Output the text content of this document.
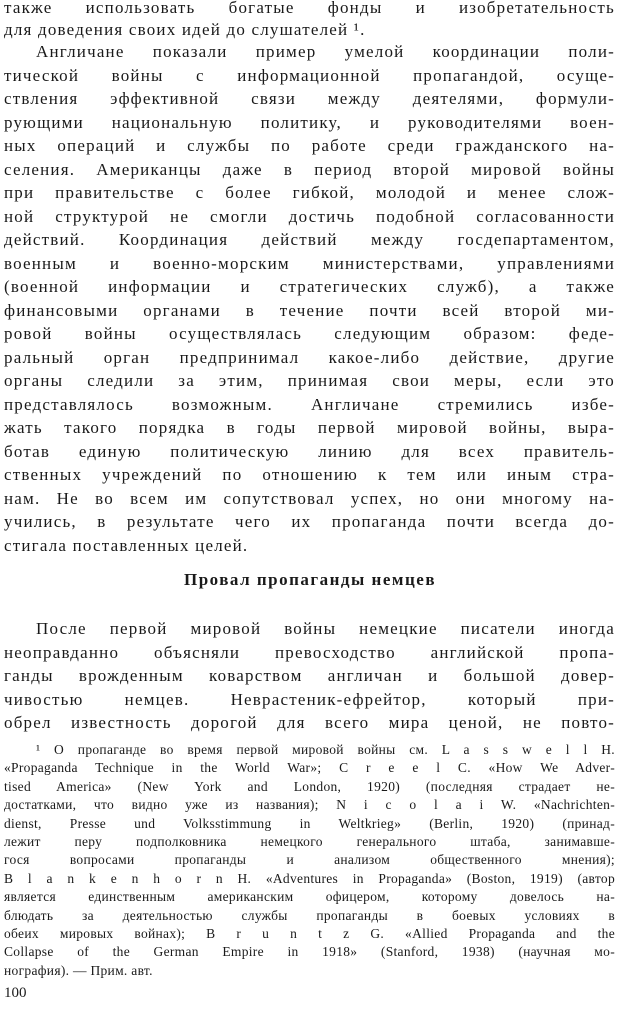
также использовать богатые фонды и изобретательность
для доведения своих идей до слушателей ¹.
Англичане показали пример умелой координации поли-
тической войны с информационной пропагандой, осуще-
ствления эффективной связи между деятелями, формули-
рующими национальную политику, и руководителями воен-
ных операций и службы по работе среди гражданского на-
селения. Американцы даже в период второй мировой войны
при правительстве с более гибкой, молодой и менее слож-
ной структурой не смогли достичь подобной согласованности
действий. Координация действий между госдепартаментом,
военным и военно-морским министерствами, управлениями
(военной информации и стратегических служб), а также
финансовыми органами в течение почти всей второй ми-
ровой войны осуществлялась следующим образом: феде-
ральный орган предпринимал какое-либо действие, другие
органы следили за этим, принимая свои меры, если это
представлялось возможным. Англичане стремились избе-
жать такого порядка в годы первой мировой войны, выра-
ботав единую политическую линию для всех правитель-
ственных учреждений по отношению к тем или иным стра-
нам. Не во всем им сопутствовал успех, но они многому на-
учились, в результате чего их пропаганда почти всегда до-
стигала поставленных целей.
Провал пропаганды немцев
После первой мировой войны немецкие писатели иногда
неоправданно объясняли превосходство английской пропа-
ганды врожденным коварством англичан и большой довер-
чивостью немцев. Неврастеник-ефрейтор, который при-
обрел известность дорогой для всего мира ценой, не повто-
¹ О пропаганде во время первой мировой войны см. L a s s w e l l H.
«Propaganda Technique in the World War»; C r e e l C. «How We Adver-
tised America» (New York and London, 1920) (последняя страдает не-
достатками, что видно уже из названия); N i c o l a i W. «Nachrichten-
dienst, Presse und Volksstimmung in Weltkrieg» (Berlin, 1920) (принад-
лежит перу подполковника немецкого генерального штаба, занимавше-
гося вопросами пропаганды и анализом общественного мнения);
B l a n k e n h o r n H. «Adventures in Propaganda» (Boston, 1919) (автор
является единственным американским офицером, которому довелось на-
блюдать за деятельностью службы пропаганды в боевых условиях в
обеих мировых войнах); B r u n t z G. «Allied Propaganda and the
Collapse of the German Empire in 1918» (Stanford, 1938) (научная мо-
нография). — Прим. авт.
100
